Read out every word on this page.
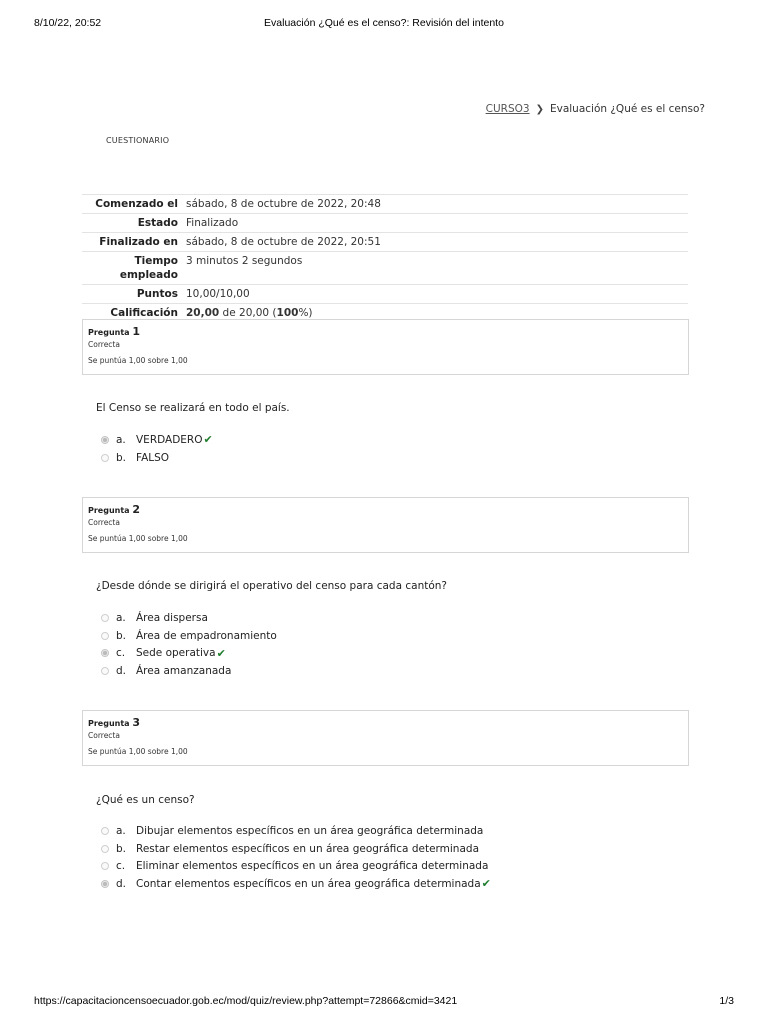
8/10/22, 20:52	Evaluación ¿Qué es el censo?: Revisión del intento
CURSO3 ❯ Evaluación ¿Qué es el censo?
CUESTIONARIO
Comenzado el	sábado, 8 de octubre de 2022, 20:48
Estado	Finalizado
Finalizado en	sábado, 8 de octubre de 2022, 20:51
Tiempo
empleado	3 minutos 2 segundos
Puntos	10,00/10,00
Calificación	20,00 de 20,00 (100%)
Pregunta 1
Correcta
Se puntúa 1,00 sobre 1,00
El Censo se realizará en todo el país.
a. VERDADERO ✔
b. FALSO
Pregunta 2
Correcta
Se puntúa 1,00 sobre 1,00
¿Desde dónde se dirigirá el operativo del censo para cada cantón?
a. Área dispersa
b. Área de empadronamiento
c.	Sede operativa ✔
d. Área amanzanada
Pregunta 3
Correcta
Se puntúa 1,00 sobre 1,00
¿Qué es un censo?
a. Dibujar elementos específicos en un área geográfica determinada
b. Restar elementos específicos en un área geográfica determinada
c.	Eliminar elementos específicos en un área geográfica determinada
d. Contar elementos específicos en un área geográfica determinada ✔
https://capacitacioncensoecuador.gob.ec/mod/quiz/review.php?attempt=72866&cmid=3421	1/3
